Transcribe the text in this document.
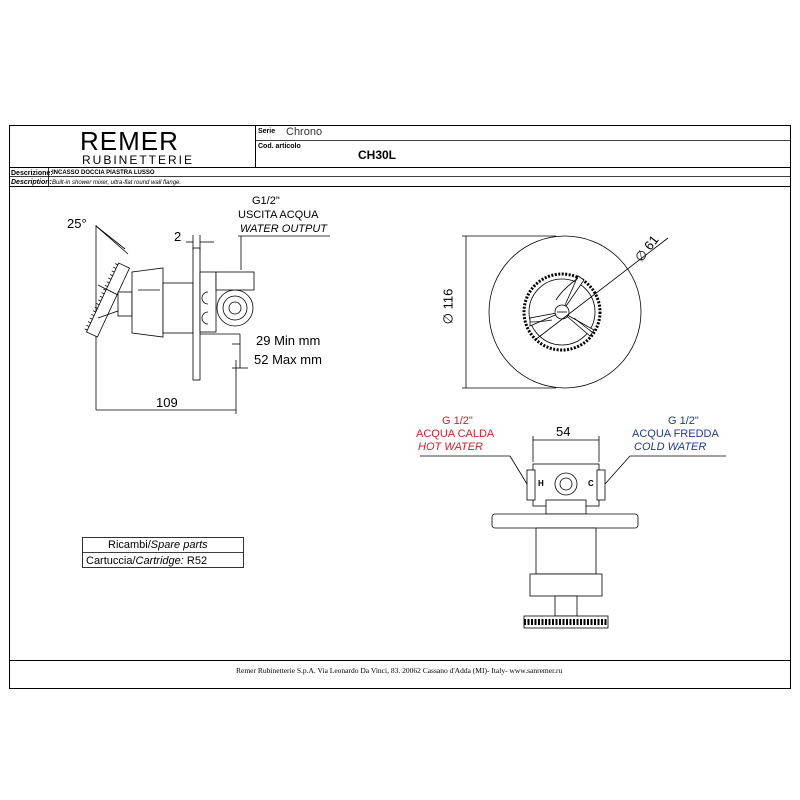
REMER
RUBINETTERIE
Serie Chrono
Cod. articolo
CH30L
Descrizione: INCASSO DOCCIA PIASTRA LUSSO
Description: Built-in shower mixer, ultra-flat round wall flange.
25°
G1/2"
USCITA ACQUA
WATER OUTPUT
2
29 Min mm
52 Max mm
109
∅ 116
∅ 61
54
G 1/2"
ACQUA CALDA
HOT WATER
G 1/2"
ACQUA FREDDA
COLD WATER
H	C
Ricambi/Spare parts
Cartuccia/Cartridge: R52
Remer Rubinetterie S.p.A. Via Leonardo Da Vinci, 83. 20062 Cassano d'Adda (MI)- Italy- www.sanremer.ru
